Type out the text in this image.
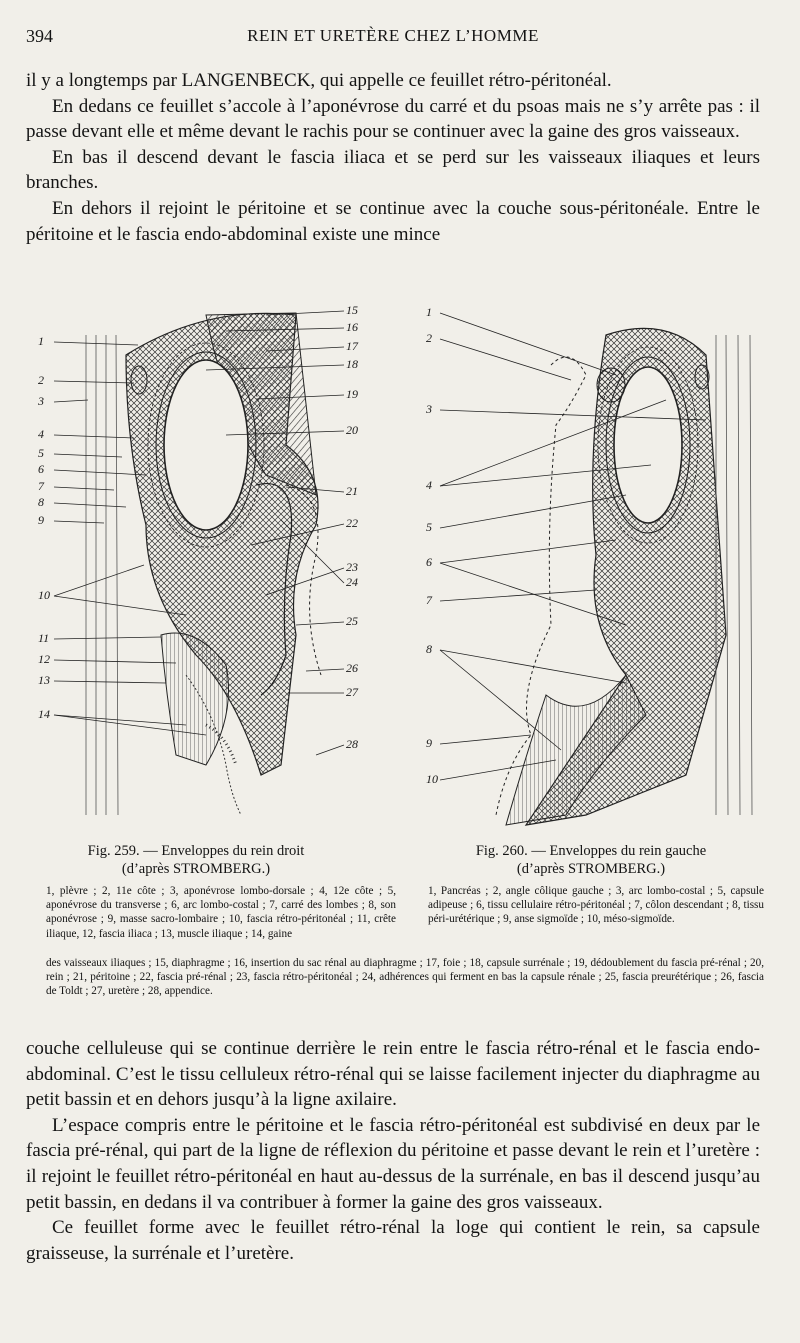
394	REIN ET URETÈRE CHEZ L’HOMME

il y a longtemps par LANGENBECK, qui appelle ce feuillet rétro-péritonéal.

En dedans ce feuillet s’accole à l’aponévrose du carré et du psoas mais ne s’y arrête pas : il passe devant elle et même devant le rachis pour se continuer avec la gaine des gros vaisseaux.

En bas il descend devant le fascia iliaca et se perd sur les vaisseaux iliaques et leurs branches.

En dehors il rejoint le péritoine et se continue avec la couche sous-péritonéale. Entre le péritoine et le fascia endo-abdominal existe une mince

1
2
3
4
5
6
7
8
9
10
11
12
13
14
15
16
17
18
19
20
21
22
23
24
25
26
27
28
1
2
3
4
5
6
7
8
9
10
Fig. 259. — Enveloppes du rein droit
(d’après STROMBERG.)
Fig. 260. — Enveloppes du rein gauche
(d’après STROMBERG.)
1, plèvre ; 2, 11e côte ; 3, aponévrose lombo-dorsale ; 4, 12e côte ; 5, aponévrose du transverse ; 6, arc lombo-costal ; 7, carré des lombes ; 8, son aponévrose ; 9, masse sacro-lombaire ; 10, fascia rétro-péritonéal ; 11, crête iliaque, 12, fascia iliaca ; 13, muscle iliaque ; 14, gaine
1, Pancréas ; 2, angle côlique gauche ; 3, arc lombo-costal ; 5, capsule adipeuse ; 6, tissu cellulaire rétro-péritonéal ; 7, côlon descendant ; 8, tissu péri-urétérique ; 9, anse sigmoïde ; 10, méso-sigmoïde.
des vaisseaux iliaques ; 15, diaphragme ; 16, insertion du sac rénal au diaphragme ; 17, foie ; 18, capsule surrénale ; 19, dédoublement du fascia pré-rénal ; 20, rein ; 21, péritoine ; 22, fascia pré-rénal ; 23, fascia rétro-péritonéal ; 24, adhérences qui ferment en bas la capsule rénale ; 25, fascia preurétérique ; 26, fascia de Toldt ; 27, uretère ; 28, appendice.

couche celluleuse qui se continue derrière le rein entre le fascia rétro-rénal et le fascia endo-abdominal. C’est le tissu celluleux rétro-rénal qui se laisse facilement injecter du diaphragme au petit bassin et en dehors jusqu’à la ligne axilaire.

L’espace compris entre le péritoine et le fascia rétro-péritonéal est subdivisé en deux par le fascia pré-rénal, qui part de la ligne de réflexion du péritoine et passe devant le rein et l’uretère : il rejoint le feuillet rétro-péritonéal en haut au-dessus de la surrénale, en bas il descend jusqu’au petit bassin, en dedans il va contribuer à former la gaine des gros vaisseaux.

Ce feuillet forme avec le feuillet rétro-rénal la loge qui contient le rein, sa capsule graisseuse, la surrénale et l’uretère.
